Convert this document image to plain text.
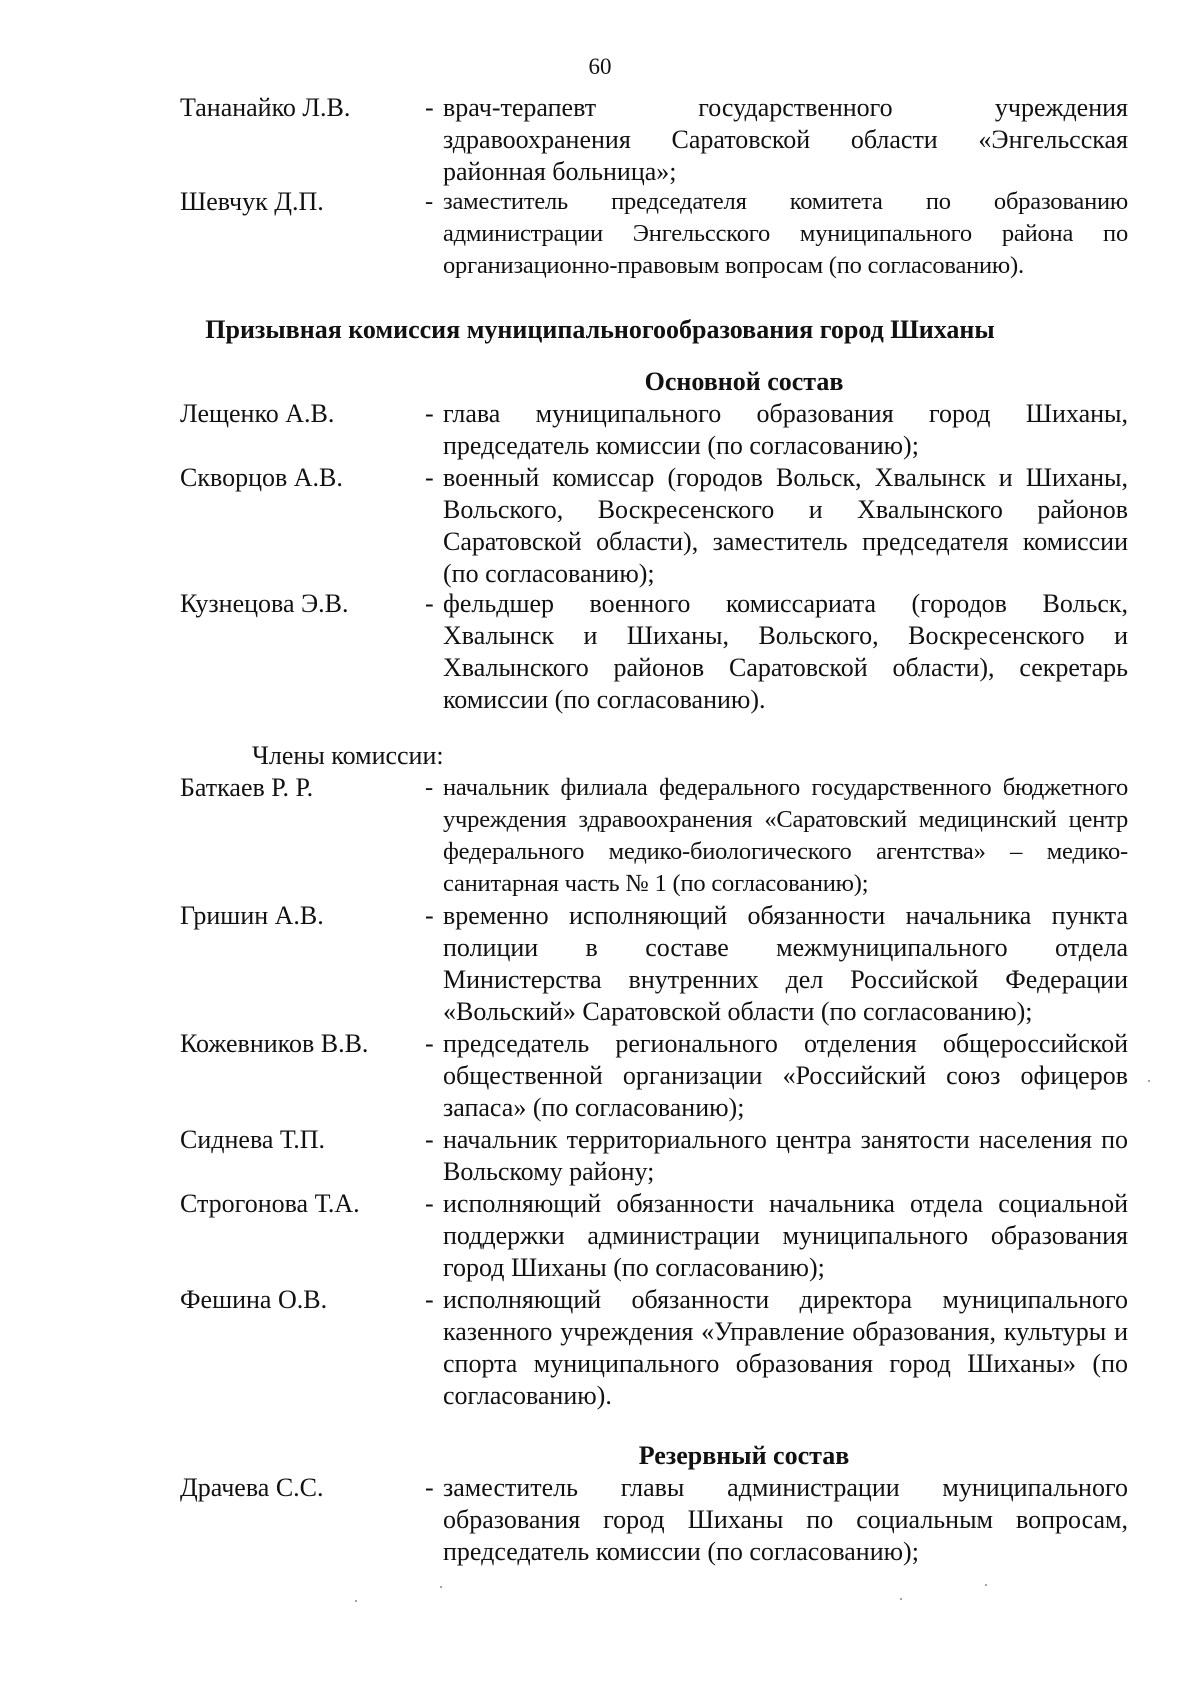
60
Тананайко Л.В.	- врач-терапевт государственного учреждения здравоохранения Саратовской области «Энгельсская районная больница»;
Шевчук Д.П.	- заместитель председателя комитета по образованию администрации Энгельсского муниципального района по организационно-правовым вопросам (по согласованию).
Призывная комиссия муниципальногообразования город Шиханы
Основной состав
Лещенко А.В.	- глава муниципального образования город Шиханы, председатель комиссии (по согласованию);
Скворцов А.В.	- военный комиссар (городов Вольск, Хвалынск и Шиханы, Вольского, Воскресенского и Хвалынского районов Саратовской области), заместитель председателя комиссии (по согласованию);
Кузнецова Э.В.	- фельдшер военного комиссариата (городов Вольск, Хвалынск и Шиханы, Вольского, Воскресенского и Хвалынского районов Саратовской области), секретарь комиссии (по согласованию).
Члены комиссии:
Баткаев Р. Р.	- начальник филиала федерального государственного бюджетного учреждения здравоохранения «Саратовский медицинский центр федерального медико-биологического агентства» – медико-санитарная часть № 1 (по согласованию);
Гришин А.В.	- временно исполняющий обязанности начальника пункта полиции в составе межмуниципального отдела Министерства внутренних дел Российской Федерации «Вольский» Саратовской области (по согласованию);
Кожевников В.В. - председатель регионального отделения общероссийской общественной организации «Российский союз офицеров запаса» (по согласованию);
Сиднева Т.П.	- начальник территориального центра занятости населения по Вольскому району;
Строгонова Т.А.	- исполняющий обязанности начальника отдела социальной поддержки администрации муниципального образования город Шиханы (по согласованию);
Фешина О.В.	- исполняющий обязанности директора муниципального казенного учреждения «Управление образования, культуры и спорта муниципального образования город Шиханы» (по согласованию).
Резервный состав
Драчева С.С.	- заместитель главы администрации муниципального образования город Шиханы по социальным вопросам, председатель комиссии (по согласованию);
